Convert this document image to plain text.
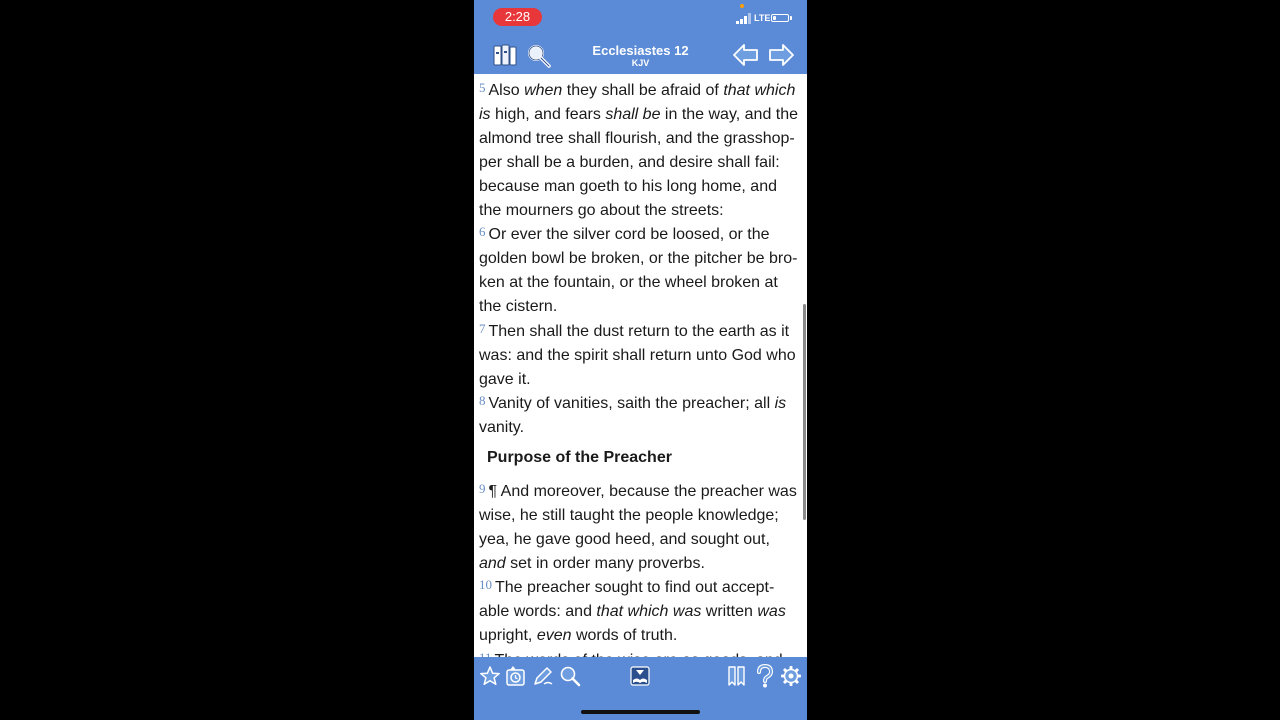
2:28	LTE
Ecclesiastes 12
KJV

5 Also when they shall be afraid of that which
is high, and fears shall be in the way, and the
almond tree shall flourish, and the grasshop-
per shall be a burden, and desire shall fail:
because man goeth to his long home, and
the mourners go about the streets:

6 Or ever the silver cord be loosed, or the
golden bowl be broken, or the pitcher be bro-
ken at the fountain, or the wheel broken at
the cistern.

7 Then shall the dust return to the earth as it
was: and the spirit shall return unto God who
gave it.

8 Vanity of vanities, saith the preacher; all is
vanity.

Purpose of the Preacher

9 ¶ And moreover, because the preacher was
wise, he still taught the people knowledge;
yea, he gave good heed, and sought out,
and set in order many proverbs.

10 The preacher sought to find out accept-
able words: and that which was written was
upright, even words of truth.
